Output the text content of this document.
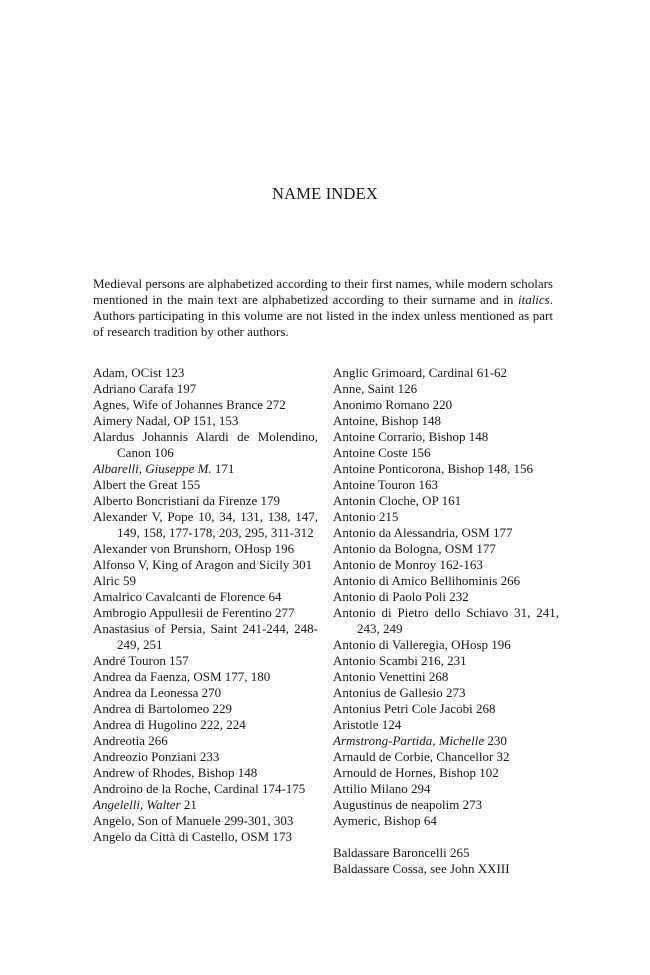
NAME INDEX
Medieval persons are alphabetized according to their first names, while modern scholars mentioned in the main text are alphabetized according to their surname and in italics. Authors participating in this volume are not listed in the index unless mentioned as part of research tradition by other authors.
Adam, OCist 123
Adriano Carafa 197
Agnes, Wife of Johannes Brance 272
Aimery Nadal, OP 151, 153
Alardus Johannis Alardi de Molendino, Canon 106
Albarelli, Giuseppe M. 171
Albert the Great 155
Alberto Boncristiani da Firenze 179
Alexander V, Pope 10, 34, 131, 138, 147, 149, 158, 177-178, 203, 295, 311-312
Alexander von Brunshorn, OHosp 196
Alfonso V, King of Aragon and Sicily 301
Alric 59
Amalrico Cavalcanti de Florence 64
Ambrogio Appullesii de Ferentino 277
Anastasius of Persia, Saint 241-244, 248-249, 251
André Touron 157
Andrea da Faenza, OSM 177, 180
Andrea da Leonessa 270
Andrea di Bartolomeo 229
Andrea di Hugolino 222, 224
Andreotia 266
Andreozio Ponziani 233
Andrew of Rhodes, Bishop 148
Androino de la Roche, Cardinal 174-175
Angelelli, Walter 21
Angelo, Son of Manuele 299-301, 303
Angelo da Città di Castello, OSM 173
Anglic Grimoard, Cardinal 61-62
Anne, Saint 126
Anonimo Romano 220
Antoine, Bishop 148
Antoine Corrario, Bishop 148
Antoine Coste 156
Antoine Ponticorona, Bishop 148, 156
Antoine Touron 163
Antonin Cloche, OP 161
Antonio 215
Antonio da Alessandria, OSM 177
Antonio da Bologna, OSM 177
Antonio de Monroy 162-163
Antonio di Amico Bellihominis 266
Antonio di Paolo Poli 232
Antonio di Pietro dello Schiavo 31, 241, 243, 249
Antonio di Valleregia, OHosp 196
Antonio Scambi 216, 231
Antonio Venettini 268
Antonius de Gallesio 273
Antonius Petri Cole Jacobi 268
Aristotle 124
Armstrong-Partida, Michelle 230
Arnauld de Corbie, Chancellor 32
Arnould de Hornes, Bishop 102
Attilio Milano 294
Augustinus de neapolim 273
Aymeric, Bishop 64
Baldassare Baroncelli 265
Baldassare Cossa, see John XXIII
